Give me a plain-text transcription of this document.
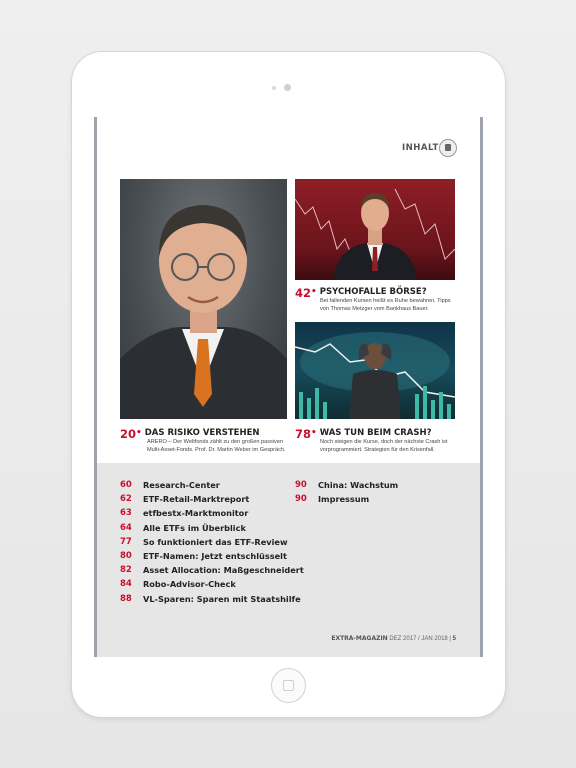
INHALT
20 • DAS RISIKO VERSTEHEN
ARERO – Der Weltfonds zählt zu den großen passiven
Multi-Asset-Fonds. Prof. Dr. Martin Weber im Gespräch.
42 • PSYCHOFALLE BÖRSE?
Bei fallenden Kursen heißt es Ruhe bewahren. Tipps
von Thomas Metzger vom Bankhaus Bauer.
78 • WAS TUN BEIM CRASH?
Noch steigen die Kurse, doch der nächste Crash ist
vorprogrammiert. Strategien für den Krisenfall.
60 Research-Center
62 ETF-Retail-Marktreport
63 etfbestx-Marktmonitor
64 Alle ETFs im Überblick
77 So funktioniert das ETF-Review
80 ETF-Namen: Jetzt entschlüsselt
82 Asset Allocation: Maßgeschneidert
84 Robo-Advisor-Check
88 VL-Sparen: Sparen mit Staatshilfe
90 China: Wachstum
90 Impressum
EXTRA-MAGAZIN DEZ 2017 / JAN 2018 | 5
